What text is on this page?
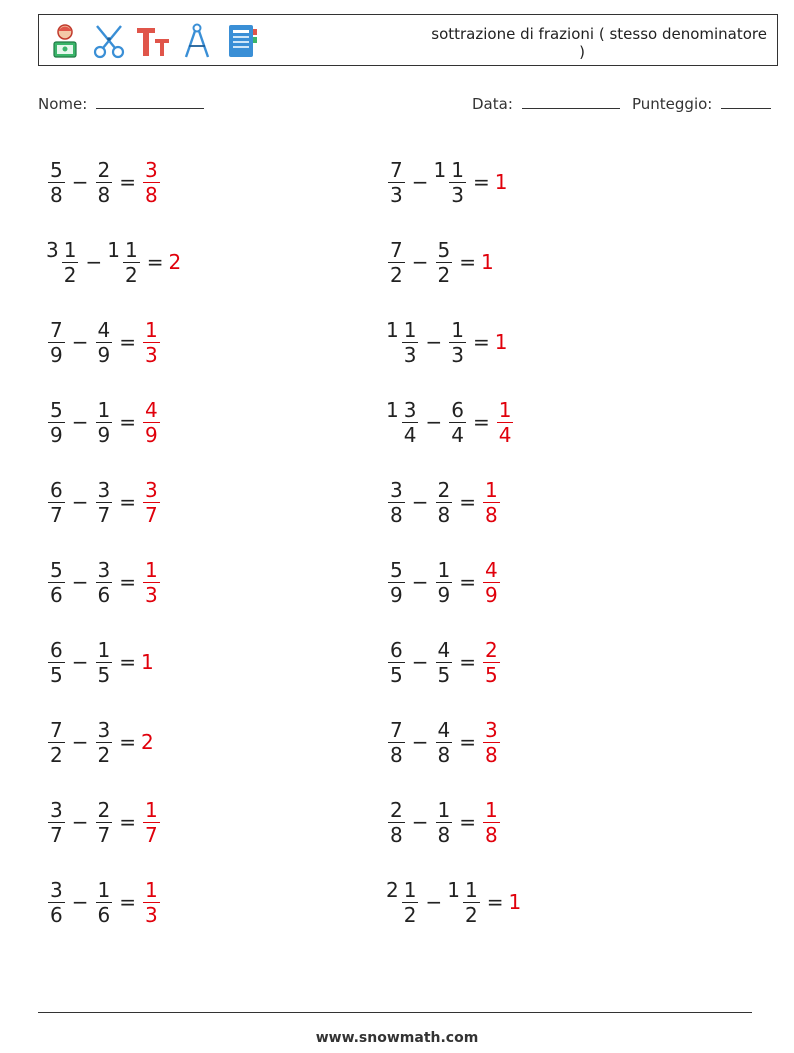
sottrazione di frazioni ( stesso denominatore
)
Nome:	Data:	Punteggio:
$\frac{5}{8} - \frac{2}{8} = \frac{3}{8}$
$3 \frac{1}{2}$ −
$1 \frac{1}{2} = 2$
$\frac{7}{9} - \frac{4}{9} = \frac{1}{3}$
$\frac{5}{9} - \frac{1}{9} = \frac{4}{9}$
$\frac{6}{7} - \frac{3}{7} = \frac{3}{7}$
$\frac{5}{6} - \frac{3}{6} = \frac{1}{3}$
$\frac{6}{5} - \frac{1}{5} = 1$
$\frac{7}{2} - \frac{3}{2} = 2$
$\frac{3}{7} - \frac{2}{7} = \frac{1}{7}$
$\frac{3}{6} - \frac{1}{6} = \frac{1}{3}$
$\frac{7}{3}$ −
$1 \frac{1}{3} = 1$
$\frac{7}{2} - \frac{5}{2} = 1$
$1 \frac{1}{3} - \frac{1}{3} = 1$
$1 \frac{3}{4} - \frac{6}{4} = \frac{1}{4}$
$\frac{3}{8} - \frac{2}{8} = \frac{1}{8}$
$\frac{5}{9} - \frac{1}{9} = \frac{4}{9}$
$\frac{6}{5} - \frac{4}{5} = \frac{2}{5}$
$\frac{7}{8} - \frac{4}{8} = \frac{3}{8}$
$\frac{2}{8} - \frac{1}{8} = \frac{1}{8}$
$2 \frac{1}{2}$ −
$1 \frac{1}{2} = 1$
www.snowmath.com
